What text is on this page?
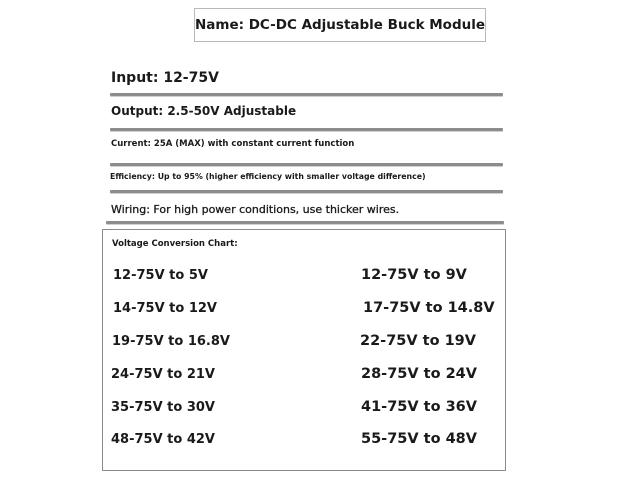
Name: DC-DC Adjustable Buck Module
Input: 12-75V
Output: 2.5-50V Adjustable
Current: 25A (MAX) with constant current function
Efficiency: Up to 95% (higher efficiency with smaller voltage difference)
Wiring: For high power conditions, use thicker wires.
Voltage Conversion Chart:
12-75V to 5V
14-75V to 12V
19-75V to 16.8V
24-75V to 21V
35-75V to 30V
48-75V to 42V
12-75V to 9V
17-75V to 14.8V
22-75V to 19V
28-75V to 24V
41-75V to 36V
55-75V to 48V
